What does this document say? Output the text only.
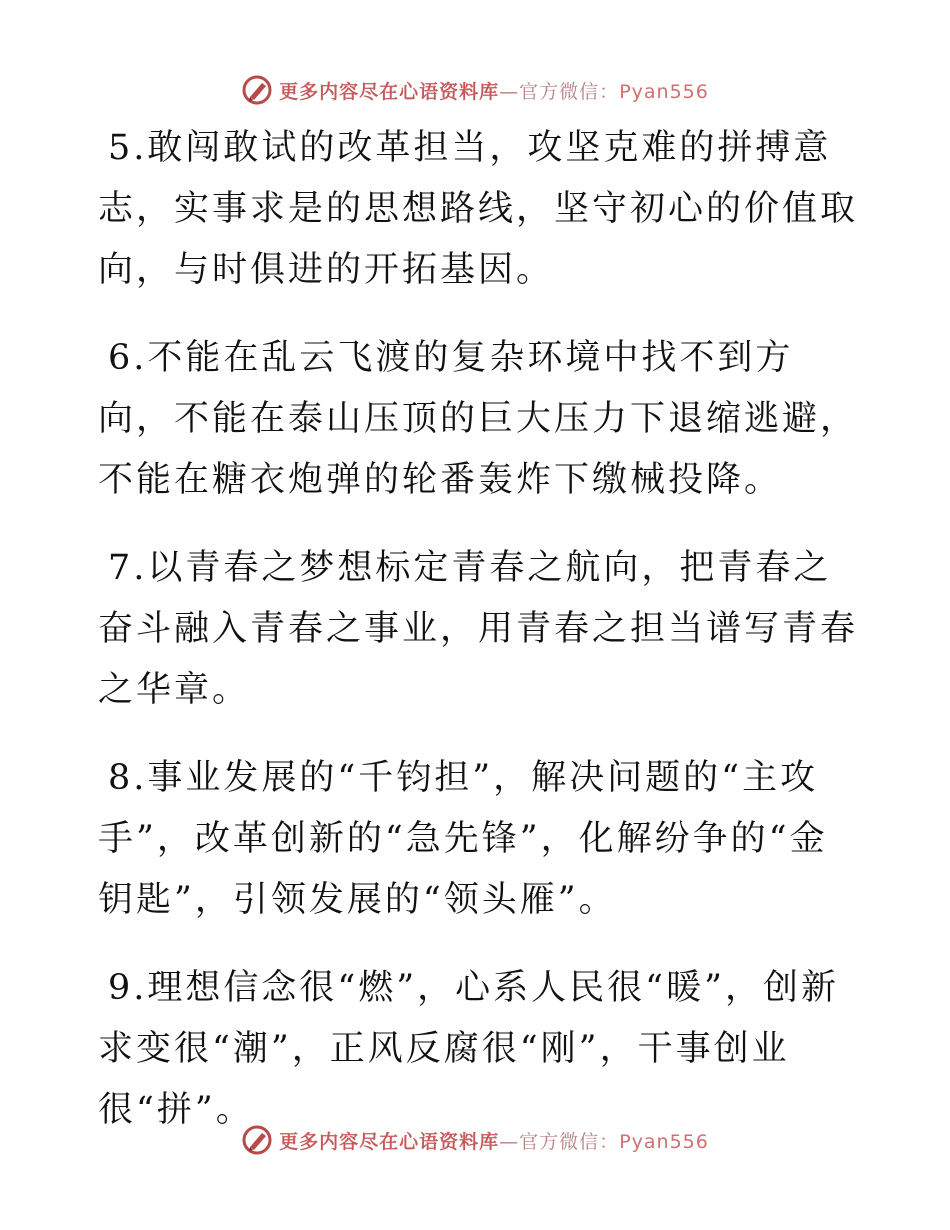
更多内容尽在心语资料库—官方微信：Pyan556

5.敢闯敢试的改革担当，攻坚克难的拼搏意志，实事求是的思想路线，坚守初心的价值取向，与时俱进的开拓基因。

6.不能在乱云飞渡的复杂环境中找不到方向，不能在泰山压顶的巨大压力下退缩逃避，不能在糖衣炮弹的轮番轰炸下缴械投降。

7.以青春之梦想标定青春之航向，把青春之奋斗融入青春之事业，用青春之担当谱写青春之华章。

8.事业发展的“千钧担”，解决问题的“主攻手”，改革创新的“急先锋”，化解纷争的“金钥匙”，引领发展的“领头雁”。

9.理想信念很“燃”，心系人民很“暖”，创新求变很“潮”，正风反腐很“刚”，干事创业很“拼”。

更多内容尽在心语资料库—官方微信：Pyan556
